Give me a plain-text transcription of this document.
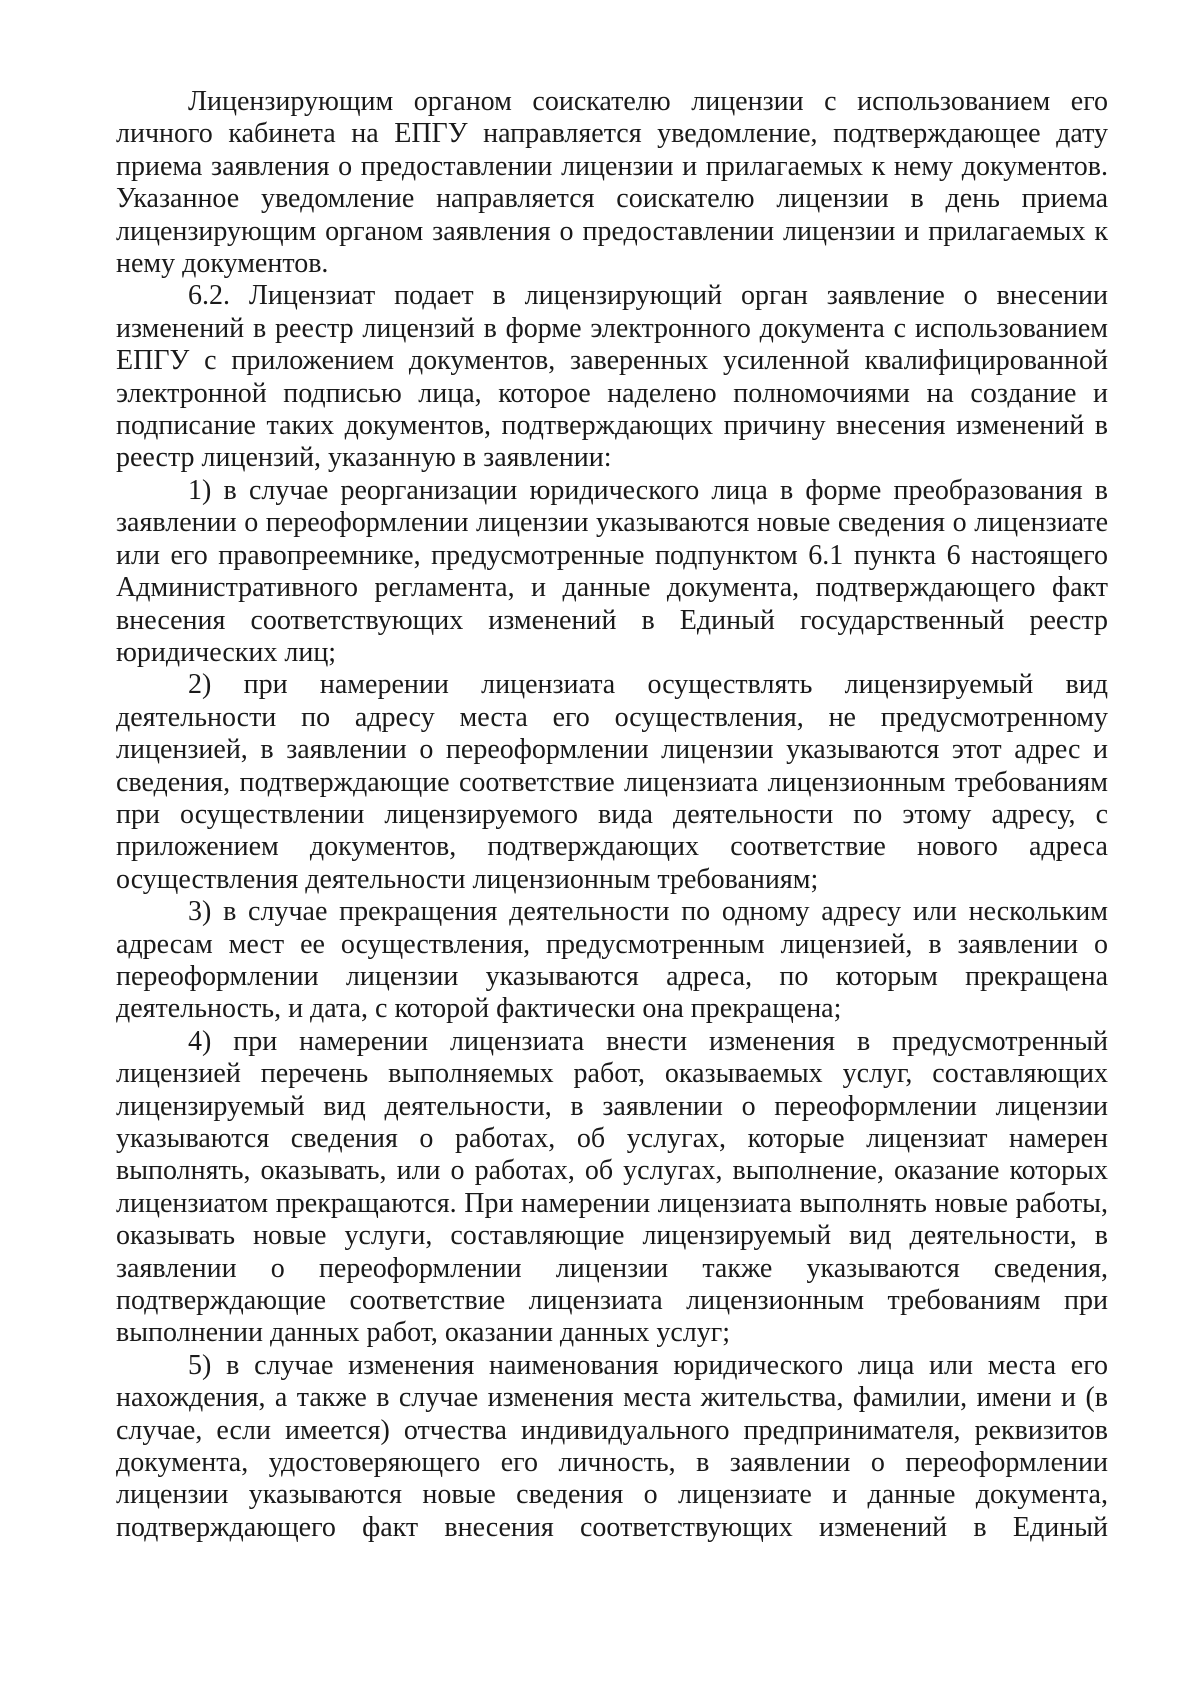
Лицензирующим органом соискателю лицензии с использованием его личного кабинета на ЕПГУ направляется уведомление, подтверждающее дату приема заявления о предоставлении лицензии и прилагаемых к нему документов. Указанное уведомление направляется соискателю лицензии в день приема лицензирующим органом заявления о предоставлении лицензии и прилагаемых к нему документов.

6.2. Лицензиат подает в лицензирующий орган заявление о внесении изменений в реестр лицензий в форме электронного документа с использованием ЕПГУ с приложением документов, заверенных усиленной квалифицированной электронной подписью лица, которое наделено полномочиями на создание и подписание таких документов, подтверждающих причину внесения изменений в реестр лицензий, указанную в заявлении:

1) в случае реорганизации юридического лица в форме преобразования в заявлении о переоформлении лицензии указываются новые сведения о лицензиате или его правопреемнике, предусмотренные подпунктом 6.1 пункта 6 настоящего Административного регламента, и данные документа, подтверждающего факт внесения соответствующих изменений в Единый государственный реестр юридических лиц;

2) при намерении лицензиата осуществлять лицензируемый вид деятельности по адресу места его осуществления, не предусмотренному лицензией, в заявлении о переоформлении лицензии указываются этот адрес и сведения, подтверждающие соответствие лицензиата лицензионным требованиям при осуществлении лицензируемого вида деятельности по этому адресу, с приложением документов, подтверждающих соответствие нового адреса осуществления деятельности лицензионным требованиям;

3) в случае прекращения деятельности по одному адресу или нескольким адресам мест ее осуществления, предусмотренным лицензией, в заявлении о переоформлении лицензии указываются адреса, по которым прекращена деятельность, и дата, с которой фактически она прекращена;

4) при намерении лицензиата внести изменения в предусмотренный лицензией перечень выполняемых работ, оказываемых услуг, составляющих лицензируемый вид деятельности, в заявлении о переоформлении лицензии указываются сведения о работах, об услугах, которые лицензиат намерен выполнять, оказывать, или о работах, об услугах, выполнение, оказание которых лицензиатом прекращаются. При намерении лицензиата выполнять новые работы, оказывать новые услуги, составляющие лицензируемый вид деятельности, в заявлении о переоформлении лицензии также указываются сведения, подтверждающие соответствие лицензиата лицензионным требованиям при выполнении данных работ, оказании данных услуг;

5) в случае изменения наименования юридического лица или места его нахождения, а также в случае изменения места жительства, фамилии, имени и (в случае, если имеется) отчества индивидуального предпринимателя, реквизитов документа, удостоверяющего его личность, в заявлении о переоформлении лицензии указываются новые сведения о лицензиате и данные документа, подтверждающего факт внесения соответствующих изменений в Единый
